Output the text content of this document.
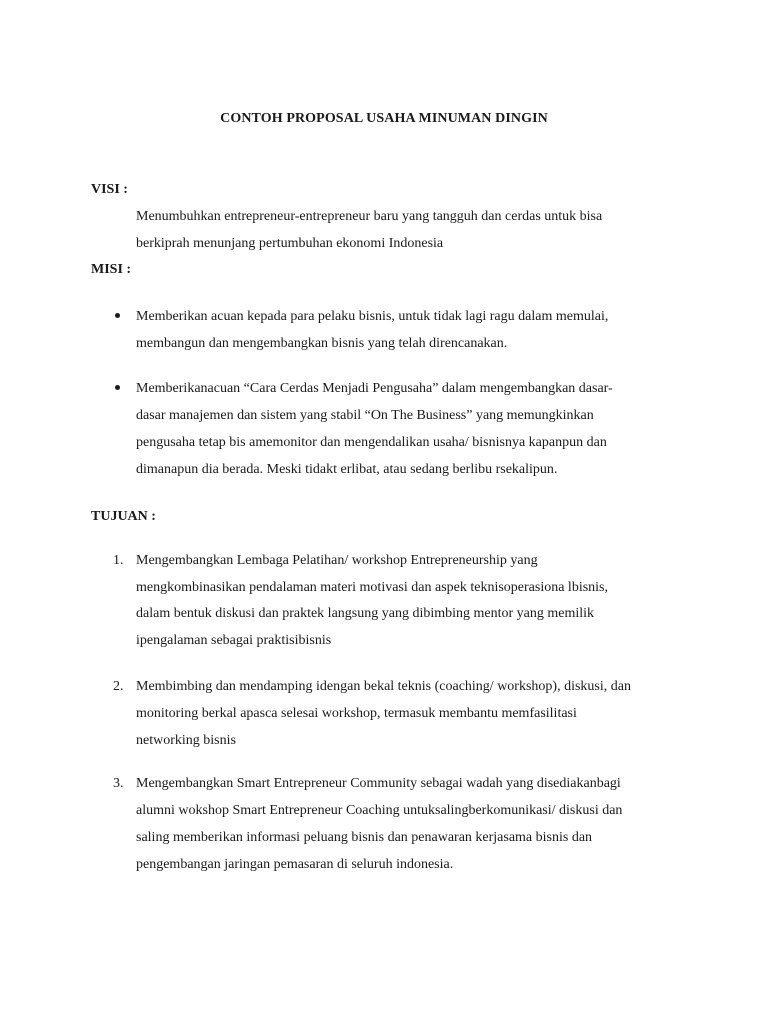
CONTOH PROPOSAL USAHA MINUMAN DINGIN
VISI :
Menumbuhkan entrepreneur-entrepreneur baru yang tangguh dan cerdas untuk bisa
berkiprah menunjang pertumbuhan ekonomi Indonesia
MISI :
Memberikan acuan kepada para pelaku bisnis, untuk tidak lagi ragu dalam memulai,
membangun dan mengembangkan bisnis yang telah direncanakan.
Memberikanacuan “Cara Cerdas Menjadi Pengusaha” dalam mengembangkan dasar-
dasar manajemen dan sistem yang stabil “On The Business” yang memungkinkan
pengusaha tetap bis amemonitor dan mengendalikan usaha/ bisnisnya kapanpun dan
dimanapun dia berada. Meski tidakt erlibat, atau sedang berlibu rsekalipun.
TUJUAN :
1. Mengembangkan Lembaga Pelatihan/ workshop Entrepreneurship yang
mengkombinasikan pendalaman materi motivasi dan aspek teknisoperasiona lbisnis,
dalam bentuk diskusi dan praktek langsung yang dibimbing mentor yang memilik
ipengalaman sebagai praktisibisnis
2. Membimbing dan mendamping idengan bekal teknis (coaching/ workshop), diskusi, dan
monitoring berkal apasca selesai workshop, termasuk membantu memfasilitasi
networking bisnis
3. Mengembangkan Smart Entrepreneur Community sebagai wadah yang disediakanbagi
alumni wokshop Smart Entrepreneur Coaching untuksalingberkomunikasi/ diskusi dan
saling memberikan informasi peluang bisnis dan penawaran kerjasama bisnis dan
pengembangan jaringan pemasaran di seluruh indonesia.
